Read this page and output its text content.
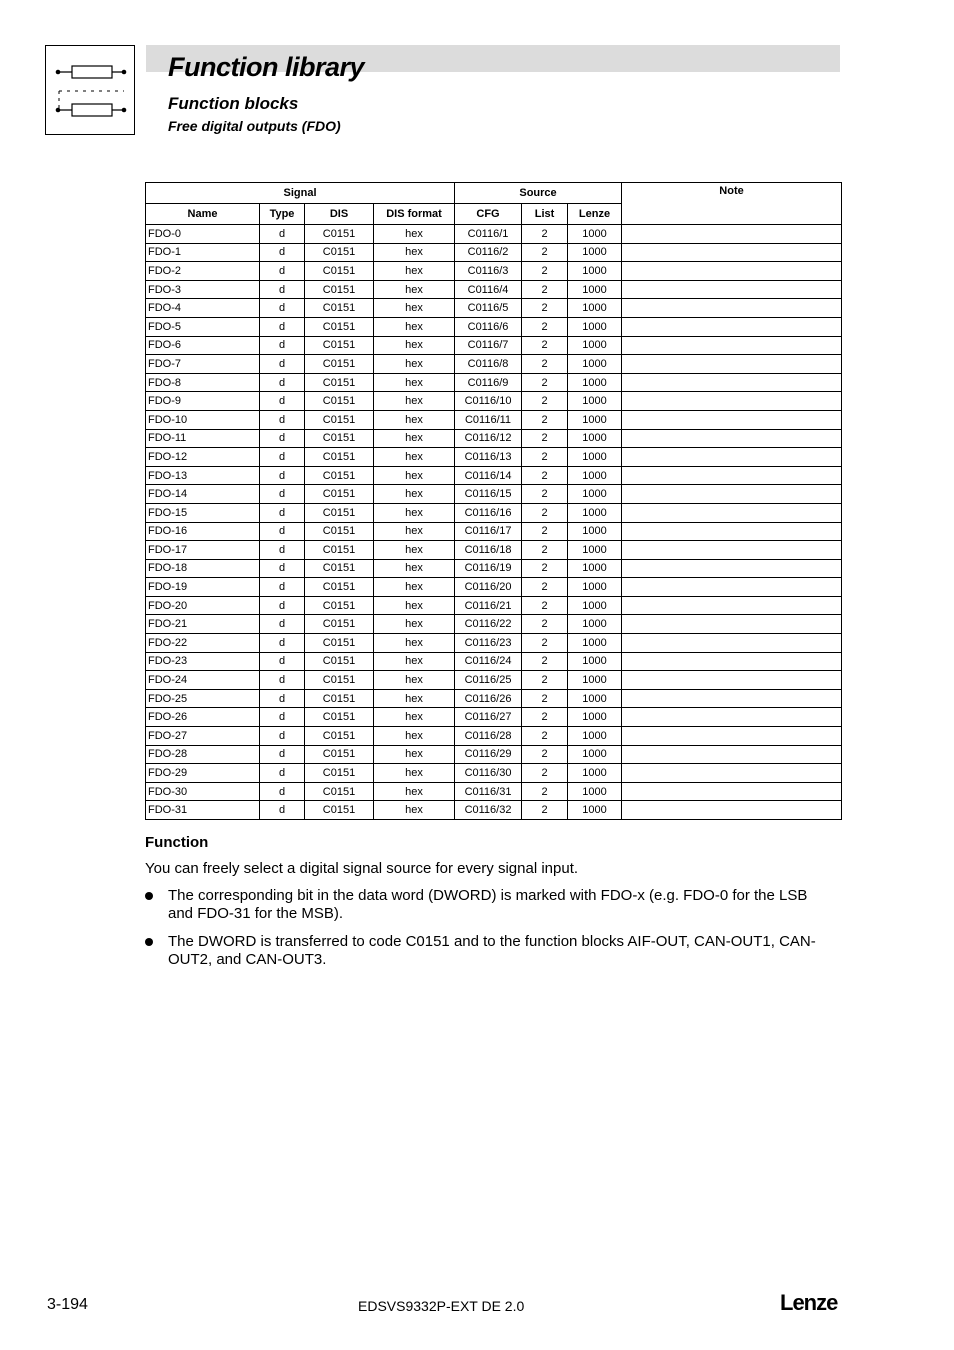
Function library
Function blocks
Free digital outputs (FDO)
Signal				Source			Note
Name	Type	DIS	DIS format	CFG	List	Lenze	
FDO-0	d	C0151	hex	C0116/1	2	1000	
FDO-1	d	C0151	hex	C0116/2	2	1000	
FDO-2	d	C0151	hex	C0116/3	2	1000	
FDO-3	d	C0151	hex	C0116/4	2	1000	
FDO-4	d	C0151	hex	C0116/5	2	1000	
FDO-5	d	C0151	hex	C0116/6	2	1000	
FDO-6	d	C0151	hex	C0116/7	2	1000	
FDO-7	d	C0151	hex	C0116/8	2	1000	
FDO-8	d	C0151	hex	C0116/9	2	1000	
FDO-9	d	C0151	hex	C0116/10	2	1000	
FDO-10	d	C0151	hex	C0116/11	2	1000	
FDO-11	d	C0151	hex	C0116/12	2	1000	
FDO-12	d	C0151	hex	C0116/13	2	1000	
FDO-13	d	C0151	hex	C0116/14	2	1000	
FDO-14	d	C0151	hex	C0116/15	2	1000	
FDO-15	d	C0151	hex	C0116/16	2	1000	
FDO-16	d	C0151	hex	C0116/17	2	1000	
FDO-17	d	C0151	hex	C0116/18	2	1000	
FDO-18	d	C0151	hex	C0116/19	2	1000	
FDO-19	d	C0151	hex	C0116/20	2	1000	
FDO-20	d	C0151	hex	C0116/21	2	1000	
FDO-21	d	C0151	hex	C0116/22	2	1000	
FDO-22	d	C0151	hex	C0116/23	2	1000	
FDO-23	d	C0151	hex	C0116/24	2	1000	
FDO-24	d	C0151	hex	C0116/25	2	1000	
FDO-25	d	C0151	hex	C0116/26	2	1000	
FDO-26	d	C0151	hex	C0116/27	2	1000	
FDO-27	d	C0151	hex	C0116/28	2	1000	
FDO-28	d	C0151	hex	C0116/29	2	1000	
FDO-29	d	C0151	hex	C0116/30	2	1000	
FDO-30	d	C0151	hex	C0116/31	2	1000	
FDO-31	d	C0151	hex	C0116/32	2	1000	
Function

You can freely select a digital signal source for every signal input.

The corresponding bit in the data word (DWORD) is marked with FDO-x (e.g. FDO-0 for the LSB and FDO-31 for the MSB).
The DWORD is transferred to code C0151 and to the function blocks AIF-OUT, CAN-OUT1, CAN-OUT2, and CAN-OUT3.

3-194	EDSVS9332P-EXT DE 2.0	Lenze
